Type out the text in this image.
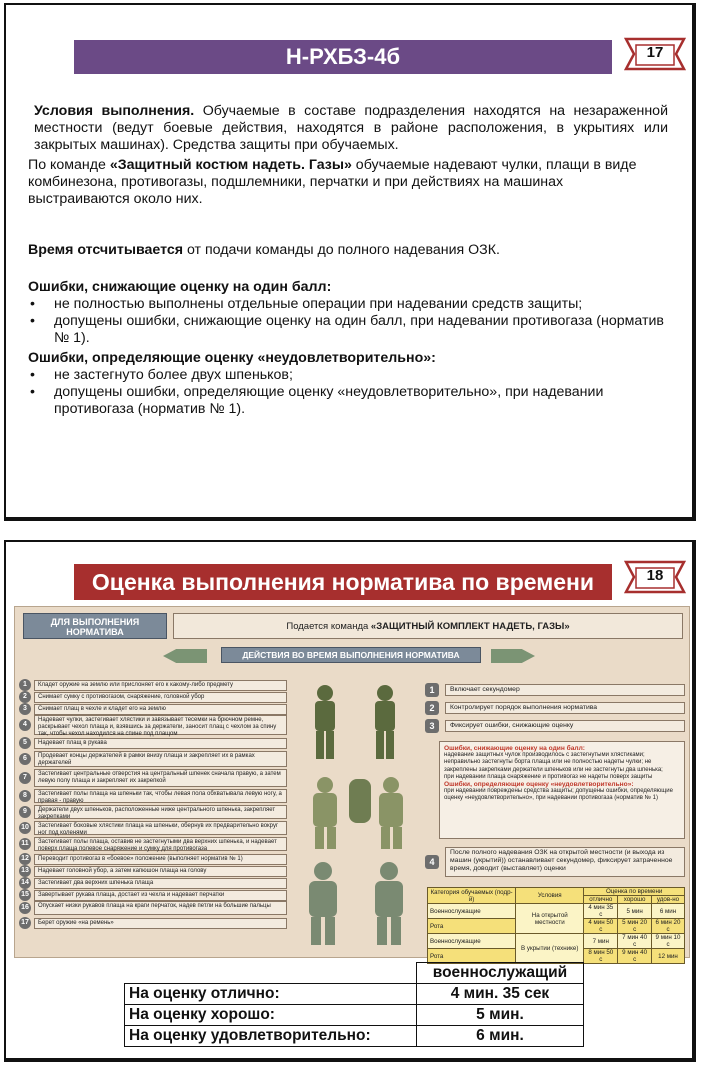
Н-РХБЗ-4б	17

Условия выполнения. Обучаемые в составе подразделения находятся на незараженной местности (ведут боевые действия, находятся в районе расположения, в укрытиях или закрытых машинах). Средства защиты при обучаемых.

По команде «Защитный костюм надеть. Газы» обучаемые надевают чулки, плащи в виде комбинезона, противогазы, подшлемники, перчатки и при действиях на машинах выстраиваются около них.

Время отсчитывается от подачи команды до полного надевания ОЗК.

Ошибки, снижающие оценку на один балл:

• не полностью выполнены отдельные операции при надевании средств защиты;
• допущены ошибки, снижающие оценку на один балл, при надевании противогаза (норматив № 1).

Ошибки, определяющие оценку «неудовлетворительно»:

• не застегнуто более двух шпеньков;
• допущены ошибки, определяющие оценку «неудовлетворительно», при надевании противогаза (норматив № 1).
Оценка выполнения норматива по времени	18
ДЛЯ ВЫПОЛНЕНИЯ НОРМАТИВА	Подается команда «ЗАЩИТНЫЙ КОМПЛЕКТ НАДЕТЬ, ГАЗЫ»
ДЕЙСТВИЯ ВО ВРЕМЯ ВЫПОЛНЕНИЯ НОРМАТИВА
1	Кладет оружие на землю или прислоняет его к какому-либо предмету
2	Снимает сумку с противогазом, снаряжение, головной убор
3	Снимает плащ в чехле и кладет его на землю
4
Надевает чулки, застегивает хлястики и завязывает тесемки на брючном ремне, раскрывает чехол плаща и, взявшись за держатели, заносит плащ с чехлом за спину так, чтобы чехол находился на спине под плащом
5	Надевает плащ в рукава
6	Продевает концы держателей в рамки внизу плаща и закрепляет их в рамках держателей
7	Застегивает центральные отверстия на центральный шпенек сначала правую, а затем левую полу плаща и закрепляет их закрепкой
8	Застегивает полы плаща на шпеньки так, чтобы левая пола обхватывала левую ногу, а правая - правую
9	Держатели двух шпеньков, расположенные ниже центрального шпенька, закрепляет закрепками
10	Застегивает боковые хлястики плаща на шпеньки, обернув их предварительно вокруг ног под коленями
11	Застегивает полы плаща, оставив не застегнутыми два верхних шпенька, и надевает поверх плаща полевое снаряжение и сумку для противогаза
12	Переводит противогаз в «боевое» положение (выполняет норматив № 1)
13	Надевает головной убор, а затем капюшон плаща на голову
14	Застегивает два верхних шпенька плаща
15	Завертывает рукава плаща, достает из чехла и надевает перчатки
16	Опускает низки рукавов плаща на краги перчаток, надев петли на большие пальцы
17	Берет оружие «на ремень»
1	Включает секундомер
2	Контролирует порядок выполнения норматива
3	Фиксирует ошибки, снижающие оценку
Ошибки, снижающие оценку на один балл:
надевание защитных чулок производилось с застегнутыми хлястиками; неправильно застегнуты борта плаща или не полностью надеты чулки; не закреплены закрепками держатели шпеньков или не застегнуты два шпенька;
при надевании плаща снаряжение и противогаз не надеты поверх защиты
Ошибки, определяющие оценку «неудовлетворительно»:
при надевании повреждены средства защиты; допущены ошибки, определяющие оценку «неудовлетворительно», при надевании противогаза (норматив № 1)
4
После полного надевания ОЗК на открытой местности (и выхода из машин (укрытий)) останавливает секундомер, фиксирует затраченное время, доводит (выставляет) оценки
Категория обучаемых (подр-й)	Условия	Оценка по времени		
		отлично	хорошо	удов-но
Военнослужащие	На открытой местности	4 мин 35 с	5 мин	6 мин
Рота		4 мин 50 с	5 мин 20 с	6 мин 20 с
Военнослужащие	В укрытии (технике)	7 мин	7 мин 40 с	9 мин 10 с
Рота		8 мин 50 с	9 мин 40 с	12 мин
	военнослужащий
На оценку отлично:	4 мин. 35 сек
На оценку хорошо:	5 мин.
На оценку удовлетворительно:	6 мин.
